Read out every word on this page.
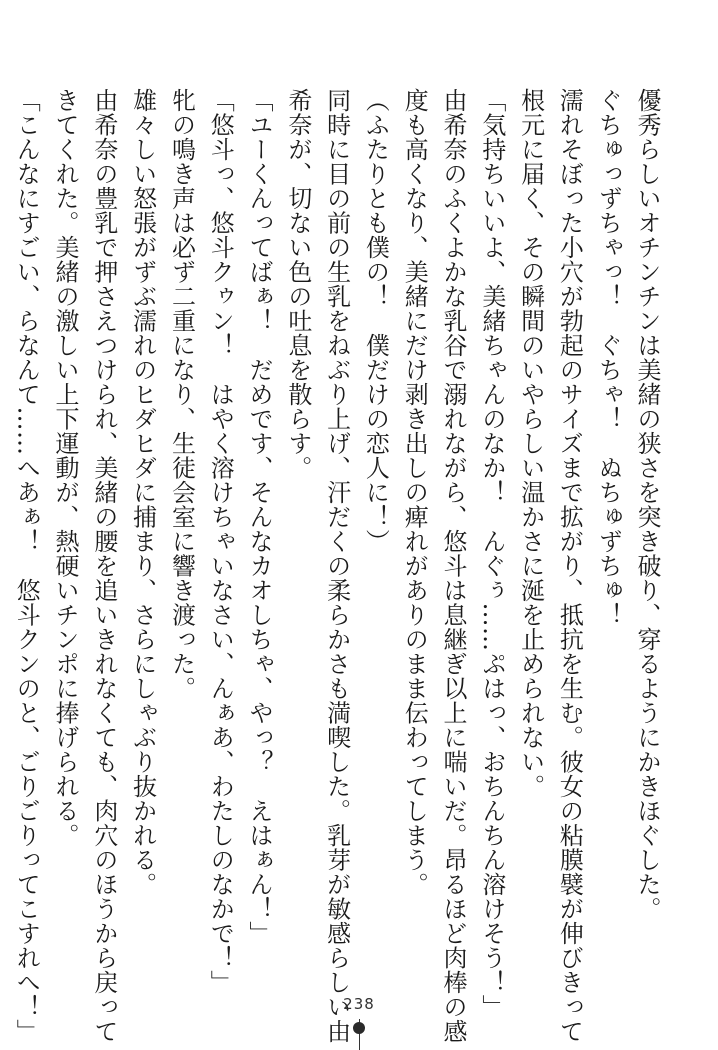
優秀らしいオチンチンは美緒の狭さを突き破り、穿るようにかきほぐした。
ぐちゅっずちゃっ！　ぐちゃ！　ぬちゅずちゅ！
濡れそぼった小穴が勃起のサイズまで拡がり、抵抗を生む。彼女の粘膜襞が伸びきって
根元に届く、その瞬間のいやらしい温かさに涎を止められない。
「気持ちいいよ、美緒ちゃんのなか！　んぐぅ……ぷはっ、おちんちん溶けそう！」
由希奈のふくよかな乳谷で溺れながら、悠斗は息継ぎ以上に喘いだ。昂るほど肉棒の感
度も高くなり、美緒にだけ剥き出しの痺れがありのまま伝わってしまう。
（ふたりとも僕の！　僕だけの恋人に！）
同時に目の前の生乳をねぶり上げ、汗だくの柔らかさも満喫した。乳芽が敏感らしい由
希奈が、切ない色の吐息を散らす。
「ユーくんってばぁ！　だめです、そんなカオしちゃ、やっ？　えはぁん！」
「悠斗っ、悠斗クゥン！　はやく溶けちゃいなさい、んぁあ、わたしのなかで！」
牝の鳴き声は必ず二重になり、生徒会室に響き渡った。
雄々しい怒張がずぶ濡れのヒダヒダに捕まり、さらにしゃぶり抜かれる。
由希奈の豊乳で押さえつけられ、美緒の腰を追いきれなくても、肉穴のほうから戻って
きてくれた。美緒の激しい上下運動が、熱硬いチンポに捧げられる。
「こんなにすごい、らなんて……へあぁ！　悠斗クンのと、ごりごりってこすれへ！」	238
